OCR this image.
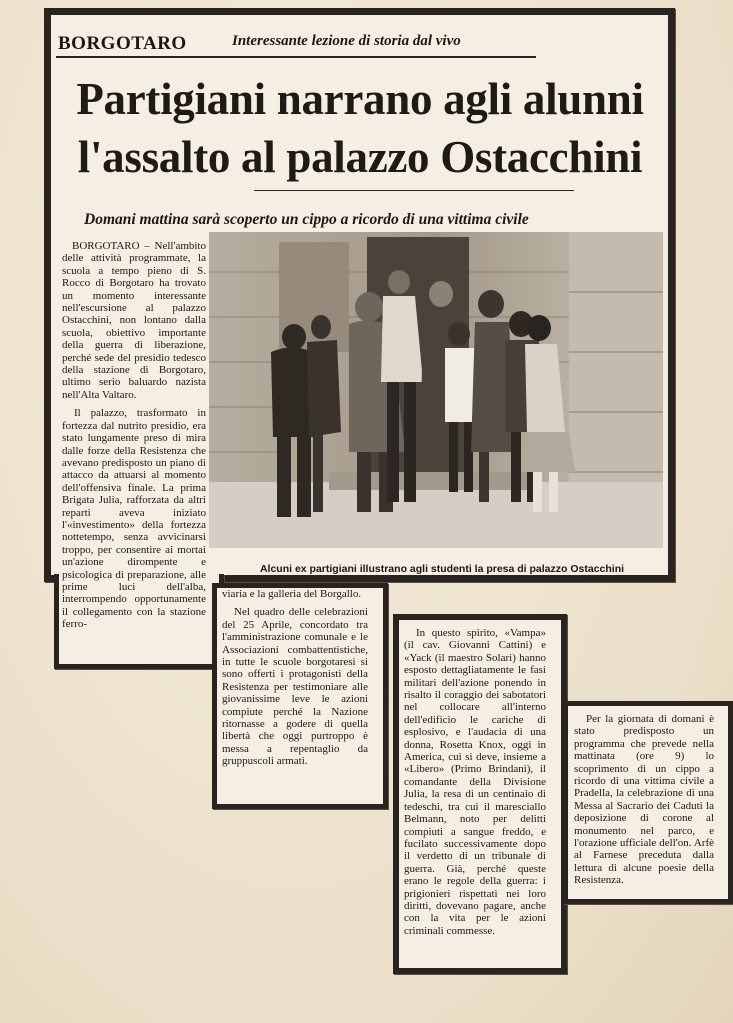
BORGOTARO	Interessante lezione di storia dal vivo
Partigiani narrano agli alunni
l'assalto al palazzo Ostacchini
Domani mattina sarà scoperto un cippo a ricordo di una vittima civile

BORGOTARO – Nell'ambito delle attività programmate, la scuola a tempo pieno di S. Rocco di Borgotaro ha trovato un momento interessante nell'escursione al palazzo Ostacchini, non lontano dalla scuola, obiettivo importante della guerra di liberazione, perché sede del presidio tedesco della stazione di Borgotaro, ultimo serio baluardo nazista nell'Alta Valtaro.

Il palazzo, trasformato in fortezza dal nutrito presidio, era stato lungamente preso di mira dalle forze della Resistenza che avevano predisposto un piano di attacco da attuarsi al momento dell'offensiva finale. La prima Brigata Julia, rafforzata da altri reparti aveva iniziato l'«investimento» della fortezza nottetempo, senza avvicinarsi troppo, per consentire ai mortai un'azione dirompente e psicologica di preparazione, alle prime luci dell'alba, interrompendo opportunamente il collegamento con la stazione ferro-

Alcuni ex partigiani illustrano agli studenti la presa di palazzo Ostacchini

viaria e la galleria del Borgallo.

Nel quadro delle celebrazioni del 25 Aprile, concordato tra l'amministrazione comunale e le Associazioni combattentistiche, in tutte le scuole borgotaresi si sono offerti i protagonisti della Resistenza per testimoniare alle giovanissime leve le azioni compiute perché la Nazione ritornasse a godere di quella libertà che oggi purtroppo è messa a repentaglio da gruppuscoli armati.

In questo spirito, «Vampa» (il cav. Giovanni Cattini) e «Yack (il maestro Solari) hanno esposto dettagliatamente le fasi militari dell'azione ponendo in risalto il coraggio dei sabotatori nel collocare all'interno dell'edificio le cariche di esplosivo, e l'audacia di una donna, Rosetta Knox, oggi in America, cui si deve, insieme a «Libero» (Primo Brindani), il comandante della Divisione Julia, la resa di un centinaio di tedeschi, tra cui il maresciallo Belmann, noto per delitti compiuti a sangue freddo, e fucilato successivamente dopo il verdetto di un tribunale di guerra. Già, perché queste erano le regole della guerra: i prigionieri rispettati nei loro diritti, dovevano pagare, anche con la vita per le azioni criminali commesse.

Per la giornata di domani è stato predisposto un programma che prevede nella mattinata (ore 9) lo scoprimento di un cippo a ricordo di una vittima civile a Pradella, la celebrazione di una Messa al Sacrario dei Caduti la deposizione di corone al monumento nel parco, e l'orazione ufficiale dell'on. Arfè al Farnese preceduta dalla lettura di alcune poesie della Resistenza.
